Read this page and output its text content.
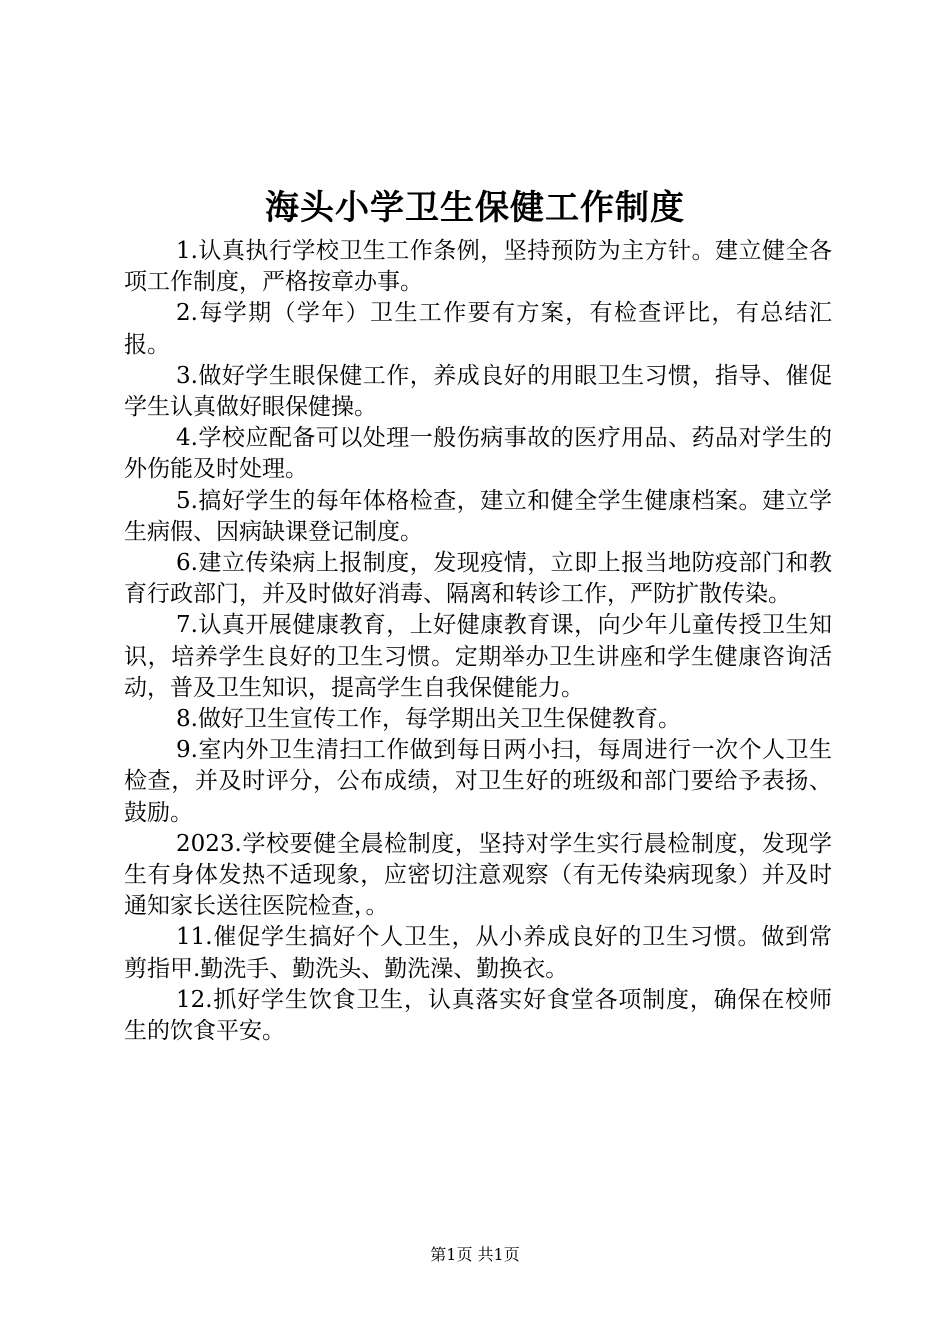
海头小学卫生保健工作制度

1.认真执行学校卫生工作条例，坚持预防为主方针。建立健全各项工作制度，严格按章办事。

2.每学期（学年）卫生工作要有方案，有检查评比，有总结汇报。

3.做好学生眼保健工作，养成良好的用眼卫生习惯，指导、催促学生认真做好眼保健操。

4.学校应配备可以处理一般伤病事故的医疗用品、药品对学生的外伤能及时处理。

5.搞好学生的每年体格检查，建立和健全学生健康档案。建立学生病假、因病缺课登记制度。

6.建立传染病上报制度，发现疫情，立即上报当地防疫部门和教育行政部门，并及时做好消毒、隔离和转诊工作，严防扩散传染。

7.认真开展健康教育，上好健康教育课，向少年儿童传授卫生知识，培养学生良好的卫生习惯。定期举办卫生讲座和学生健康咨询活动，普及卫生知识，提高学生自我保健能力。

8.做好卫生宣传工作，每学期出关卫生保健教育。

9.室内外卫生清扫工作做到每日两小扫，每周进行一次个人卫生检查，并及时评分，公布成绩，对卫生好的班级和部门要给予表扬、鼓励。

2023.学校要健全晨检制度，坚持对学生实行晨检制度，发现学生有身体发热不适现象，应密切注意观察（有无传染病现象）并及时通知家长送往医院检查，。

11.催促学生搞好个人卫生，从小养成良好的卫生习惯。做到常剪指甲.勤洗手、勤洗头、勤洗澡、勤换衣。

12.抓好学生饮食卫生，认真落实好食堂各项制度，确保在校师生的饮食平安。

第1页 共1页
